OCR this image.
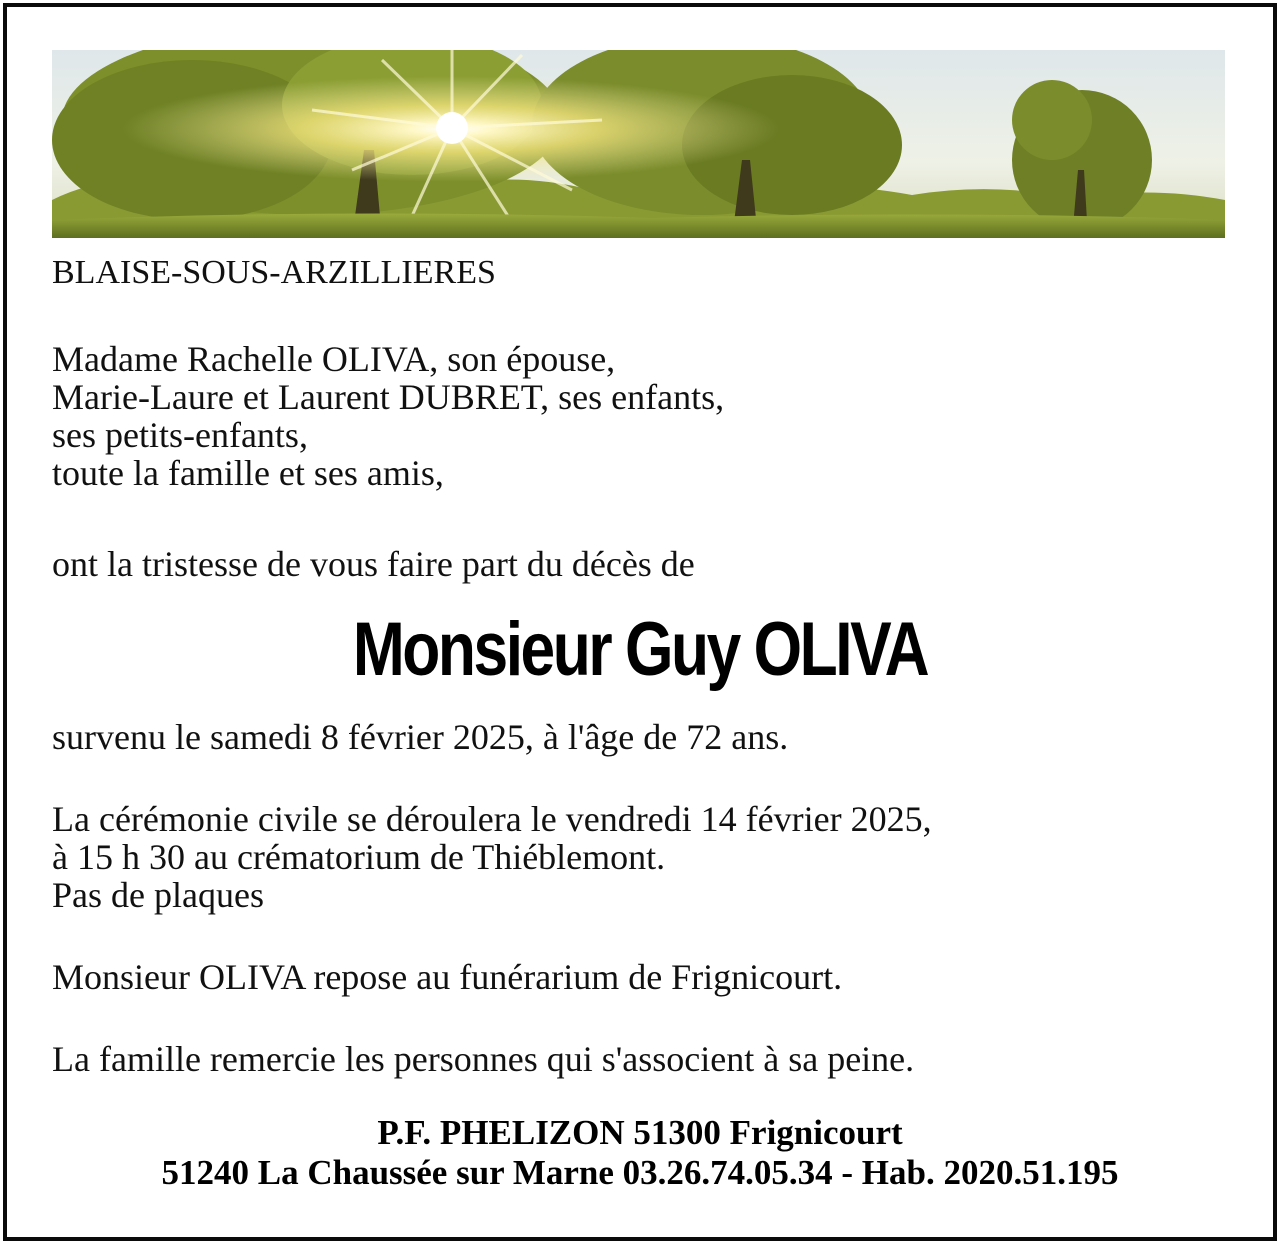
BLAISE-SOUS-ARZILLIERES
Madame Rachelle OLIVA, son épouse,
Marie-Laure et Laurent DUBRET, ses enfants,
ses petits-enfants,
toute la famille et ses amis,
ont la tristesse de vous faire part du décès de
Monsieur Guy OLIVA
survenu le samedi 8 février 2025, à l'âge de 72 ans.
La cérémonie civile se déroulera le vendredi 14 février 2025,
à 15 h 30 au crématorium de Thiéblemont.
Pas de plaques
Monsieur OLIVA repose au funérarium de Frignicourt.
La famille remercie les personnes qui s'associent à sa peine.
P.F. PHELIZON 51300 Frignicourt
51240 La Chaussée sur Marne 03.26.74.05.34 - Hab. 2020.51.195
